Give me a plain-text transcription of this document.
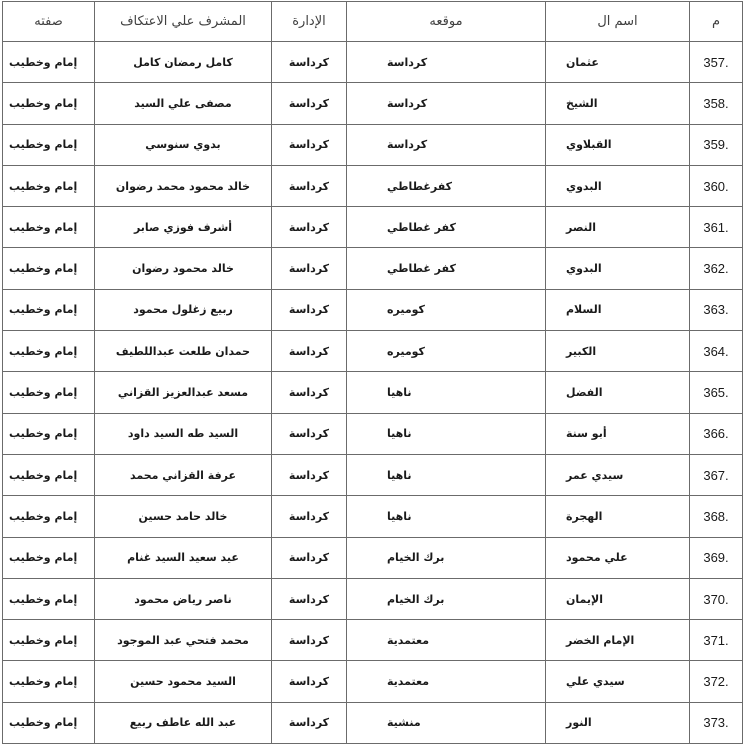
م	اسم ال	موقعه	الإدارة	المشرف علي الاعتكاف	صفته
357.	عثمان	كرداسة	كرداسة	كامل رمضان كامل	إمام وخطيب
358.	الشيخ	كرداسة	كرداسة	مصفى علي السيد	إمام وخطيب
359.	القبلاوي	كرداسة	كرداسة	بدوي سنوسي	إمام وخطيب
360.	البدوي	كفرغطاطي	كرداسة	خالد محمود محمد رضوان	إمام وخطيب
361.	النصر	كفر غطاطي	كرداسة	أشرف فوزي صابر	إمام وخطيب
362.	البدوي	كفر غطاطي	كرداسة	خالد محمود رضوان	إمام وخطيب
363.	السلام	كوميره	كرداسة	ربيع زغلول محمود	إمام وخطيب
364.	الكبير	كوميره	كرداسة	حمدان طلعت عبداللطيف	إمام وخطيب
365.	الفضل	ناهيا	كرداسة	مسعد عبدالعزيز القزاني	إمام وخطيب
366.	أبو سنة	ناهيا	كرداسة	السيد طه السيد داود	إمام وخطيب
367.	سيدي عمر	ناهيا	كرداسة	عرفة القزاني محمد	إمام وخطيب
368.	الهجرة	ناهيا	كرداسة	خالد حامد حسين	إمام وخطيب
369.	علي محمود	برك الخيام	كرداسة	عيد سعيد السيد غنام	إمام وخطيب
370.	الإيمان	برك الخيام	كرداسة	ناصر رياض محمود	إمام وخطيب
371.	الإمام الخضر	معتمدية	كرداسة	محمد فتحي عبد الموجود	إمام وخطيب
372.	سيدي علي	معتمدية	كرداسة	السيد محمود حسين	إمام وخطيب
373.	النور	منشية	كرداسة	عبد الله عاطف ربيع	إمام وخطيب
